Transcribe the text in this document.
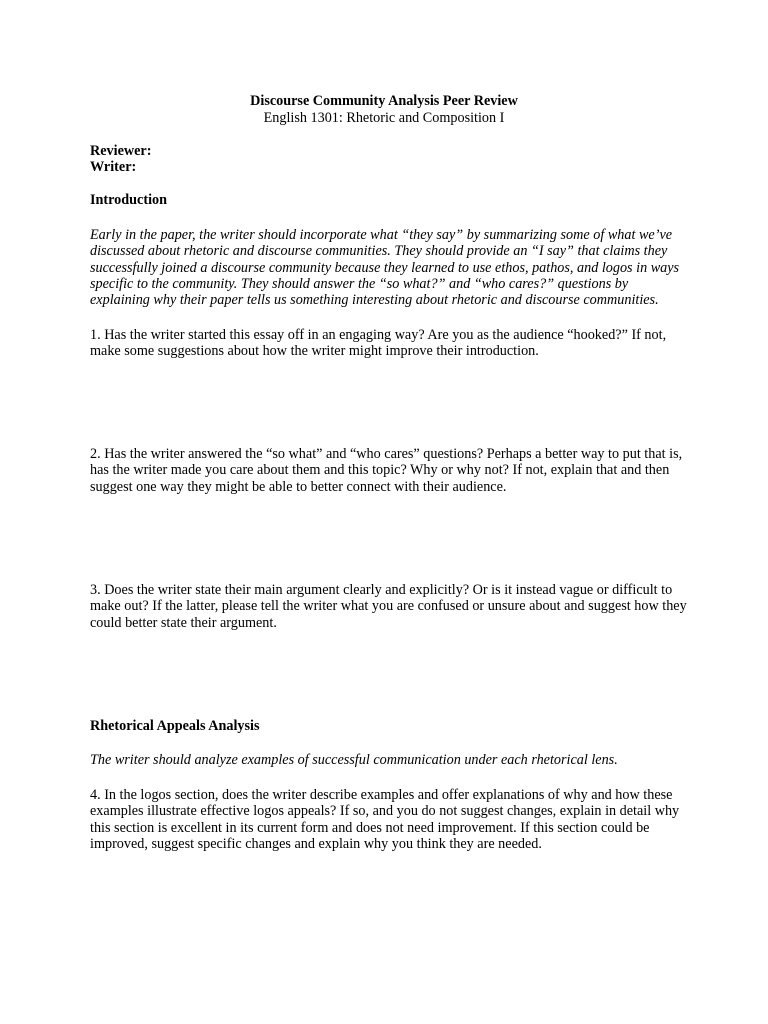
Discourse Community Analysis Peer Review

English 1301: Rhetoric and Composition I

Reviewer:

Writer:

Introduction

Early in the paper, the writer should incorporate what “they say” by summarizing some of what we’ve
discussed about rhetoric and discourse communities. They should provide an “I say” that claims they
successfully joined a discourse community because they learned to use ethos, pathos, and logos in ways
specific to the community. They should answer the “so what?” and “who cares?” questions by
explaining why their paper tells us something interesting about rhetoric and discourse communities.

1. Has the writer started this essay off in an engaging way? Are you as the audience “hooked?” If not,
make some suggestions about how the writer might improve their introduction.

2. Has the writer answered the “so what” and “who cares” questions? Perhaps a better way to put that is,
has the writer made you care about them and this topic? Why or why not? If not, explain that and then
suggest one way they might be able to better connect with their audience.

3. Does the writer state their main argument clearly and explicitly? Or is it instead vague or difficult to
make out? If the latter, please tell the writer what you are confused or unsure about and suggest how they
could better state their argument.

Rhetorical Appeals Analysis

The writer should analyze examples of successful communication under each rhetorical lens.

4. In the logos section, does the writer describe examples and offer explanations of why and how these
examples illustrate effective logos appeals? If so, and you do not suggest changes, explain in detail why
this section is excellent in its current form and does not need improvement. If this section could be
improved, suggest specific changes and explain why you think they are needed.
